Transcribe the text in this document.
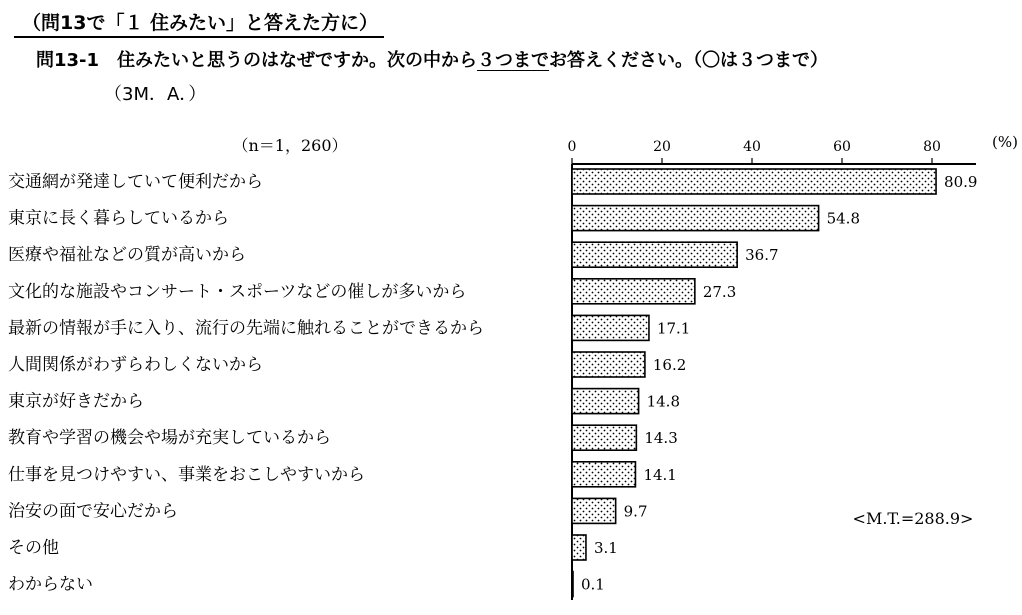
（問13で「１ 住みたい」と答えた方に）
問13-1　住みたいと思うのはなぜですか。次の中から３つまでお答えください。（〇は３つまで）
（3M．A．）
（n＝1，260）	(%)
0	20	40	60	80
交通網が発達していて便利だから
東京に長く暮らしているから
医療や福祉などの質が高いから
文化的な施設やコンサート・スポーツなどの催しが多いから
最新の情報が手に入り、流行の先端に触れることができるから
人間関係がわずらわしくないから
東京が好きだから
教育や学習の機会や場が充実しているから
仕事を見つけやすい、事業をおこしやすいから
治安の面で安心だから
その他
わからない
80.9
54.8
36.7
27.3
17.1
16.2
14.8
14.3
14.1
9.7
3.1
0.1
<M.T.=288.9>
